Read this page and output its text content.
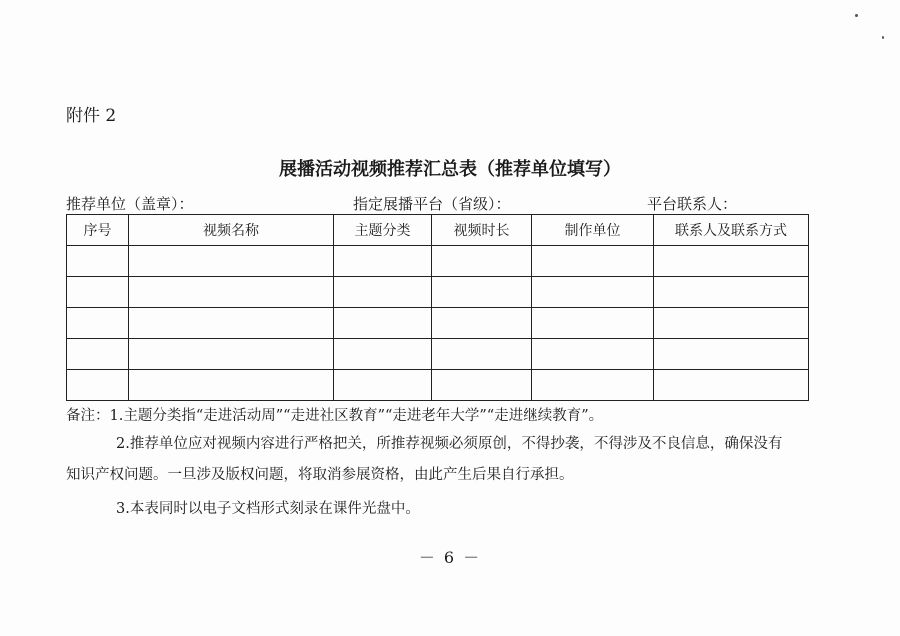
附件 2
展播活动视频推荐汇总表（推荐单位填写）
推荐单位（盖章）：	指定展播平台（省级）：	平台联系人：
序号	视频名称	主题分类	视频时长	制作单位	联系人及联系方式

备注：1.主题分类指“走进活动周”“走进社区教育”“走进老年大学”“走进继续教育”。
2.推荐单位应对视频内容进行严格把关，所推荐视频必须原创，不得抄袭，不得涉及不良信息，确保没有
知识产权问题。一旦涉及版权问题，将取消参展资格，由此产生后果自行承担。
3.本表同时以电子文档形式刻录在课件光盘中。
－ 6 －
